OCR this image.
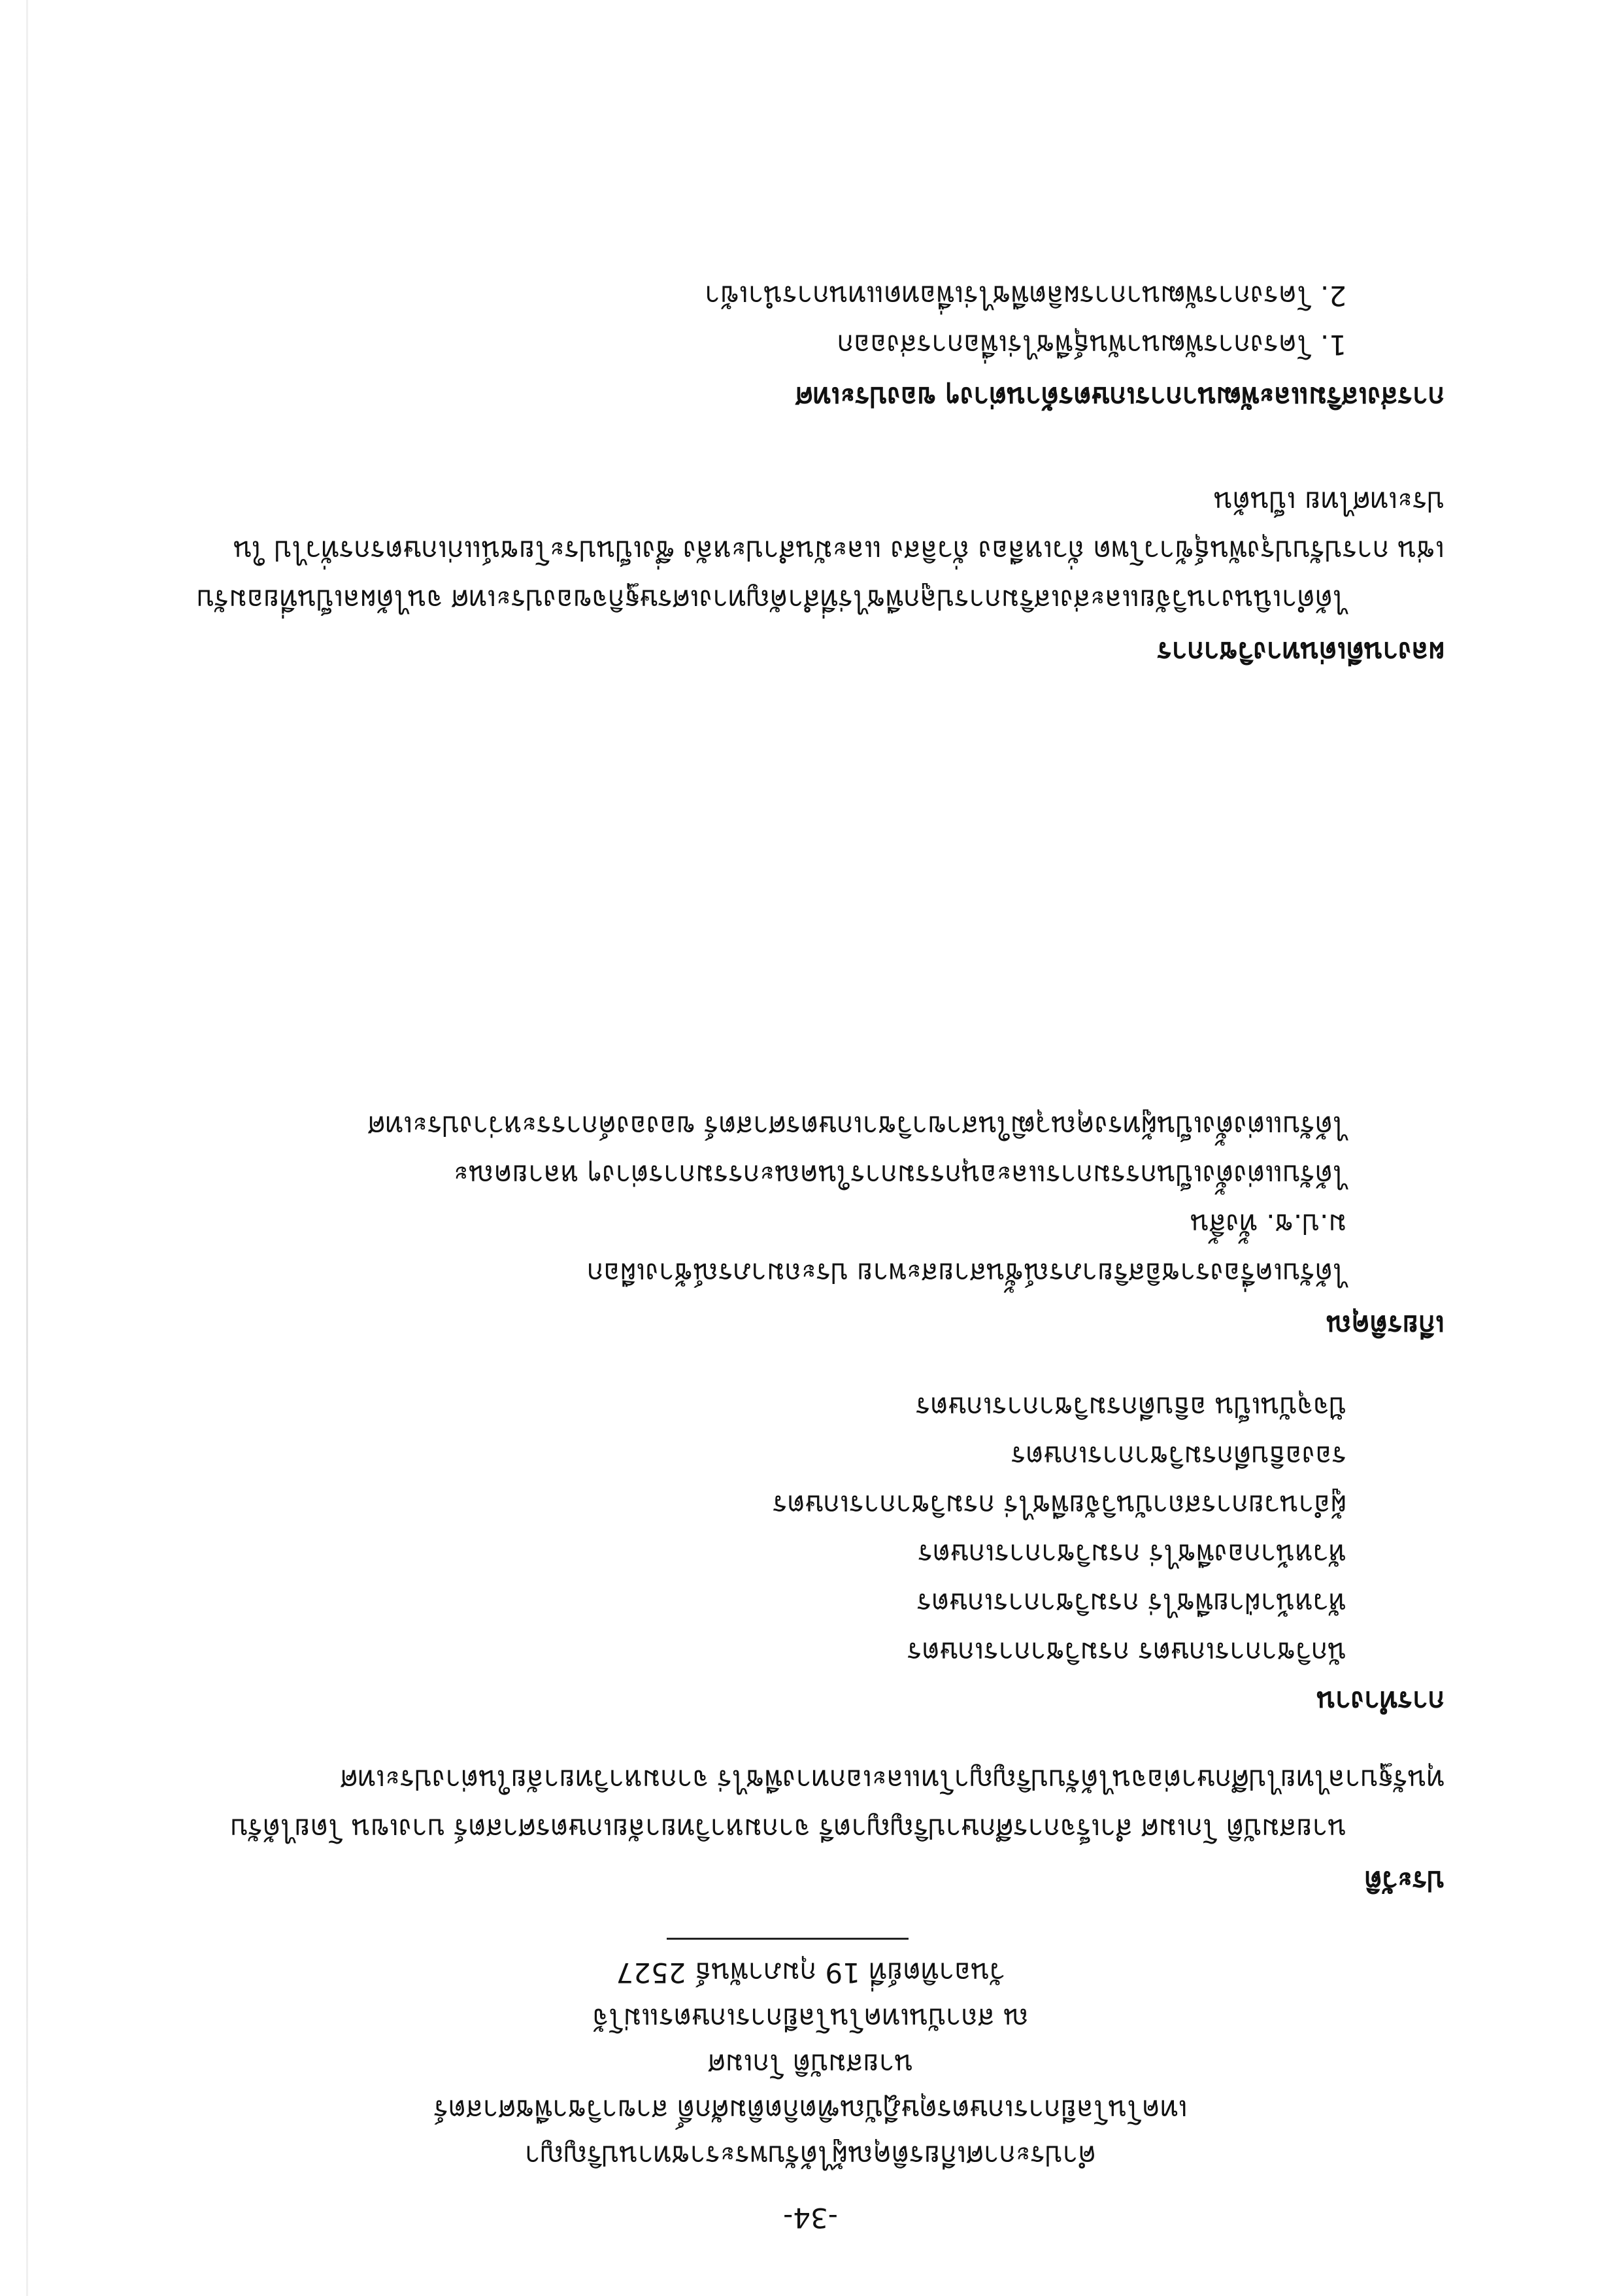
-34-
คำประกาศเกียรติคุณผู้ได้รับพระราชทานปริญญา
เทคโนโลยีการเกษตรดุษฎีบัณฑิตกิตติมศักดิ์ สาขาวิชาพืชศาสตร์
นายสมบัติ โกเมศ
ณ สถาบันเทคโนโลยีการเกษตรแม่โจ้
วันอาทิตย์ที่ 19 กุมภาพันธ์ 2527
ประวัติ
นายสมบัติ โกเมศ สำเร็จการศึกษาปริญญาตรี จากมหาวิทยาลัยเกษตรศาสตร์ บางเขน โดยได้รับ
ทุนรัฐบาลไทยไปศึกษาต่อจนได้รับปริญญาโทและเอกทางพืชไร่ จากมหาวิทยาลัยในต่างประเทศ
การทำงาน
นักวิชาการเกษตร กรมวิชาการเกษตร
หัวหน้าฝ่ายพืชไร่ กรมวิชาการเกษตร
หัวหน้ากองพืชไร่ กรมวิชาการเกษตร
ผู้อำนวยการสถาบันวิจัยพืชไร่ กรมวิชาการเกษตร
รองอธิบดีกรมวิชาการเกษตร
ปัจจุบันเป็น อธิบดีกรมวิชาการเกษตร
เกียรติคุณ
ได้รับเครื่องราชอิสริยาภรณ์ชั้นสายสะพาย ประถมาภรณ์ช้างเผือก
ม.ป.ช. ทั้งสิ้น
ได้รับแต่งตั้งเป็นกรรมการและอนุกรรมการในคณะกรรมการต่างๆ หลายคณะ
ได้รับแต่งตั้งเป็นผู้ทรงคุณวุฒิในสาขาวิชาเกษตรศาสตร์ ขององค์การระหว่างประเทศ
ผลงานดีเด่นทางวิชาการ
ได้ดำเนินงานวิจัยและส่งเสริมการปลูกพืชไร่ที่สำคัญทางเศรษฐกิจของประเทศ จนได้ผลเป็นที่ยอมรับ
เช่น การปรับปรุงพันธุ์ข้าวโพด ถั่วเหลือง ถั่วลิสง และมันสำปะหลัง ซึ่งเป็นประโยชน์แก่เกษตรกรทั่วไป ใน
ประเทศไทย เป็นต้น
การส่งเสริมและพัฒนาการเกษตรด้านต่างๆ ของประเทศ
1. โครงการพัฒนาพันธุ์พืชไร่เพื่อการส่งออก
2. โครงการพัฒนาการผลิตพืชไร่เพื่อทดแทนการนำเข้า
